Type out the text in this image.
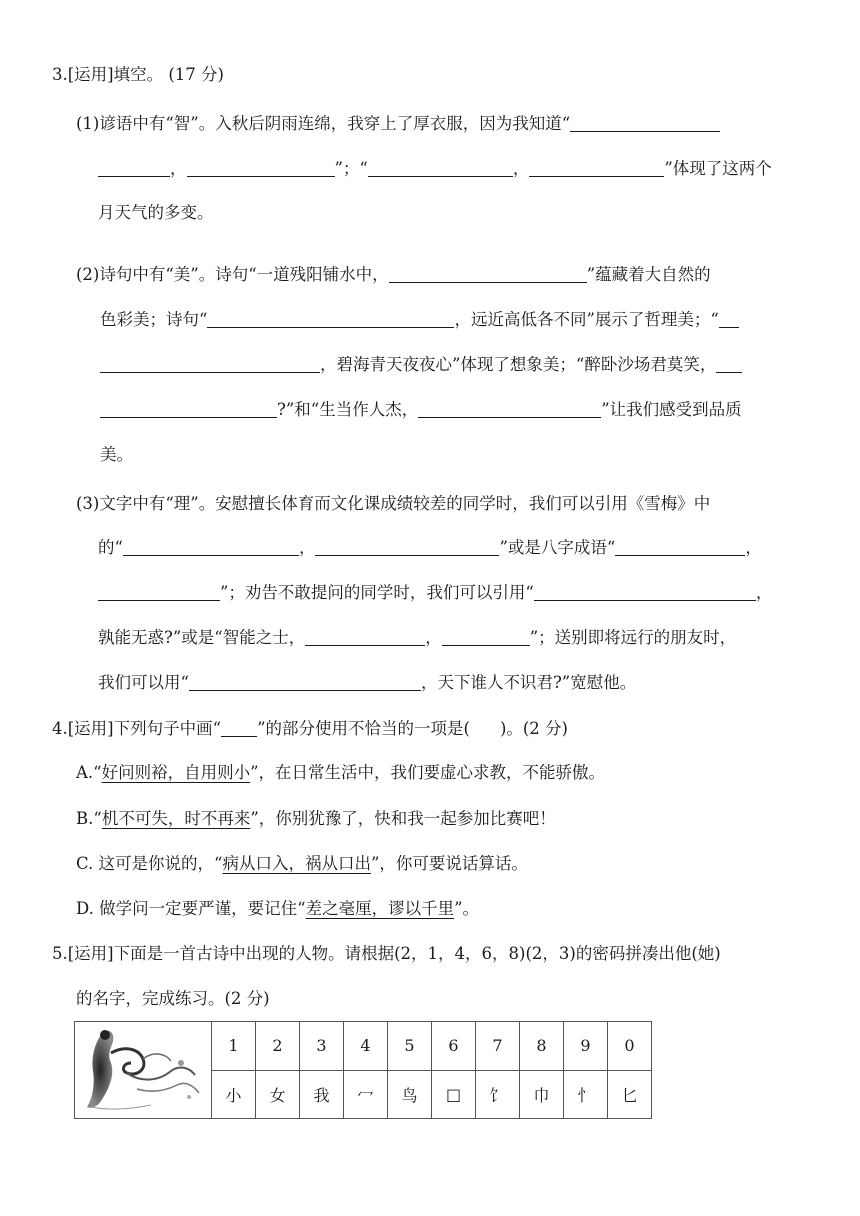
3.[运用]填空。 (17 分)
(1)谚语中有“智”。入秋后阴雨连绵，我穿上了厚衣服，因为我知道“
，	”；“	，	”体现了这两个
月天气的多变。
(2)诗句中有“美”。诗句“一道残阳铺水中，	”蕴藏着大自然的
色彩美；诗句“	，远近高低各不同”展示了哲理美；“
，碧海青天夜夜心”体现了想象美；“醉卧沙场君莫笑，
?”和“生当作人杰，	”让我们感受到品质
美。
(3)文字中有“理”。安慰擅长体育而文化课成绩较差的同学时，我们可以引用《雪梅》中
的“	，	”或是八字成语“	，
”；劝告不敢提问的同学时，我们可以引用“	，
孰能无惑?”或是“智能之士，	，	”；送别即将远行的朋友时，
我们可以用“	，天下谁人不识君?”宽慰他。
4.[运用]下列句子中画“ ”的部分使用不恰当的一项是( )。(2 分)
A.“好问则裕，自用则小”，在日常生活中，我们要虚心求教，不能骄傲。
B.“机不可失，时不再来”，你别犹豫了，快和我一起参加比赛吧！
C. 这可是你说的，“病从口入，祸从口出”，你可要说话算话。
D. 做学问一定要严谨，要记住“差之毫厘，谬以千里”。
5.[运用]下面是一首古诗中出现的人物。请根据(2，1，4，6，8)(2，3)的密码拼凑出他(她)
的名字，完成练习。(2 分)
	1	2	3	4	5	6	7	8	9	0
	小	女	我	冖	鸟	□	饣	巾	忄	匕
